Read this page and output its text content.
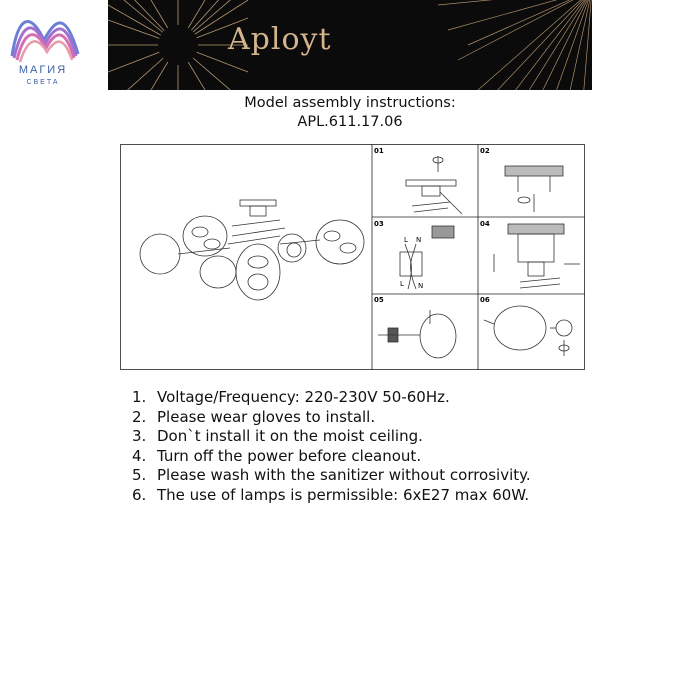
МАГИЯ
СВЕТА
Aployt
Model assembly instructions:
APL.611.17.06
01	02
03	04
05	06
L N
L N
1. Voltage/Frequency: 220-230V 50-60Hz.
2. Please wear gloves to install.
3. Don`t install it on the moist ceiling.
4. Turn off the power before cleanout.
5. Please wash with the sanitizer without corrosivity.
6. The use of lamps is permissible: 6xE27 max 60W.
